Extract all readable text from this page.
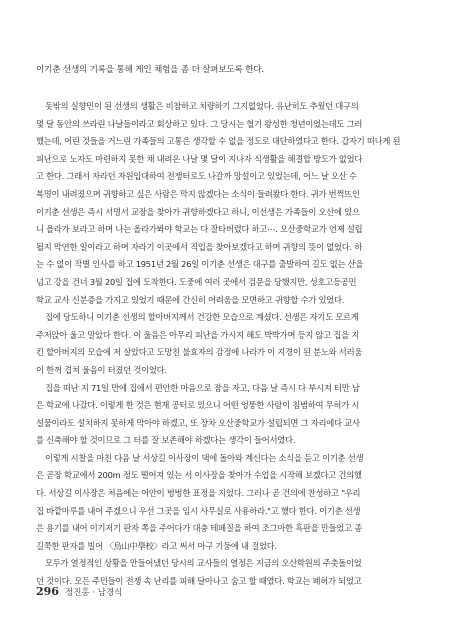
이기춘 선생의 기록을 통해 게인 체험을 좀 더 살펴보도록 한다.
돗밖의 실향민이 된 선생의 생활은 비참하고 처량하기 그지없었다. 유난히도 추웠던 대구의
몇 달 동안의 쓰라린 나날들이라고 회상하고 있다. 그 당시는 혈기 왕성한 청년이었는데도 그러
했는데, 어린 것들을 거느린 가족들의 고통은 생각할 수 없을 정도로 대단하였다고 한다. 갑자기 떠나게 된
피난으로 노자도 마련하지 못한 채 내려온 나날 몇 달이 지나자 식생활을 해결할 방도가 없었다
고 한다. 그래서 자라던 자원입대하여 전쟁터로도 나갈까 망설이고 있었는데, 어느 날 오산 수
복명이 내려졌으며 귀향하고 싶은 사람은 막지 않겠다는 소식이 들려왔다 한다. 귀가 번쩍뜨인
이기춘 선생은 즉시 서명서 교장을 찾아가 귀향하겠다고 하니, 이선생은 가족들이 오산에 있으
니 올라가 보라고 하며 나는 올라가봐야 학교는 다 잘타버렸다 하고⋯. 오산중학교가 언제 설립
될지 막연한 일이라고 하며 자라기 이곳에서 직업을 찾아보겠다고 하며 귀향의 뜻이 없었다. 하
는 수 없이 작별 인사를 하고 1951년 2월 26일 이기춘 선생은 대구를 출발하여 길도 없는 산을
넘고 강을 건너 3월 20일 집에 도착한다. 도중에 여러 곳에서 검문을 당했지만, 성호고등공민
학교 교사 신분증을 가지고 있었기 때문에 간신히 어려움을 모면하고 귀향할 수가 있었다.
집에 당도하니 이기춘 선생의 할아버지께서 건강한 모습으로 계셨다. 선생은 자기도 모르게
주저앉아 울고 말았다 한다. 이 울음은 아무리 피난을 가시지 해도 박박가며 등지 않고 집을 지
킨 할아버지의 모습에 저 살았다고 도망친 불효자의 감정에 나라가 이 지경이 된 분노와 서러움
이 한꺼 겹쳐 울음이 터졌던 것이었다.
집을 떠난 지 71일 만에 집에서 편안한 마음으로 잠을 자고, 다음 날 즉시 다 부시져 터만 남
은 학교에 나갔다. 이렇게 한 것은 현재 공터로 있으니 어떤 엉뚱한 사람이 침범하여 무허가 시
설물이라도 설치하지 못하게 막아야 하겠고, 또 장차 오산중학교가 설립되면 그 자리에다 교사
를 신축해야 할 것이므로 그 터를 잘 보존해야 하겠다는 생각이 들어서였다.
이렇게 시찰을 마친 다음 날 서상길 이사장이 댁에 돌아와 계신다는 소식을 듣고 이기춘 선생
은 곧장 학교에서 200m 정도 떨어져 있는 서 이사장을 찾아가 수업을 시작해 보겠다고 건의했
다. 서상길 이사장은 처음에는 어안이 벙벙한 표정을 지었다. 그러나 곧 건의에 찬성하고 "우리
집 바깥마루를 내어 주겠으니 우선 그곳을 임시 사무실로 사용하라."고 했다 한다. 이기춘 선생
은 용기를 내어 이기저기 판자 쪽을 주어다가 대충 테페질을 하여 조그마한 흑판을 만들었고 종
길쭉한 판자를 빌어 〈烏山中學校〉라고 써서 마구 기둥에 내 걸었다.
모두가 열정적인 상황을 만들어냈던 당시의 교사들의 열정은 지금의 오산학원의 주춧돌이었
던 것이다. 모든 주민들이 전쟁 속 난리를 피해 달아나고 숨고 할 때였다. 학교는 폐허가 되었고
296 정진홍 · 남경식
